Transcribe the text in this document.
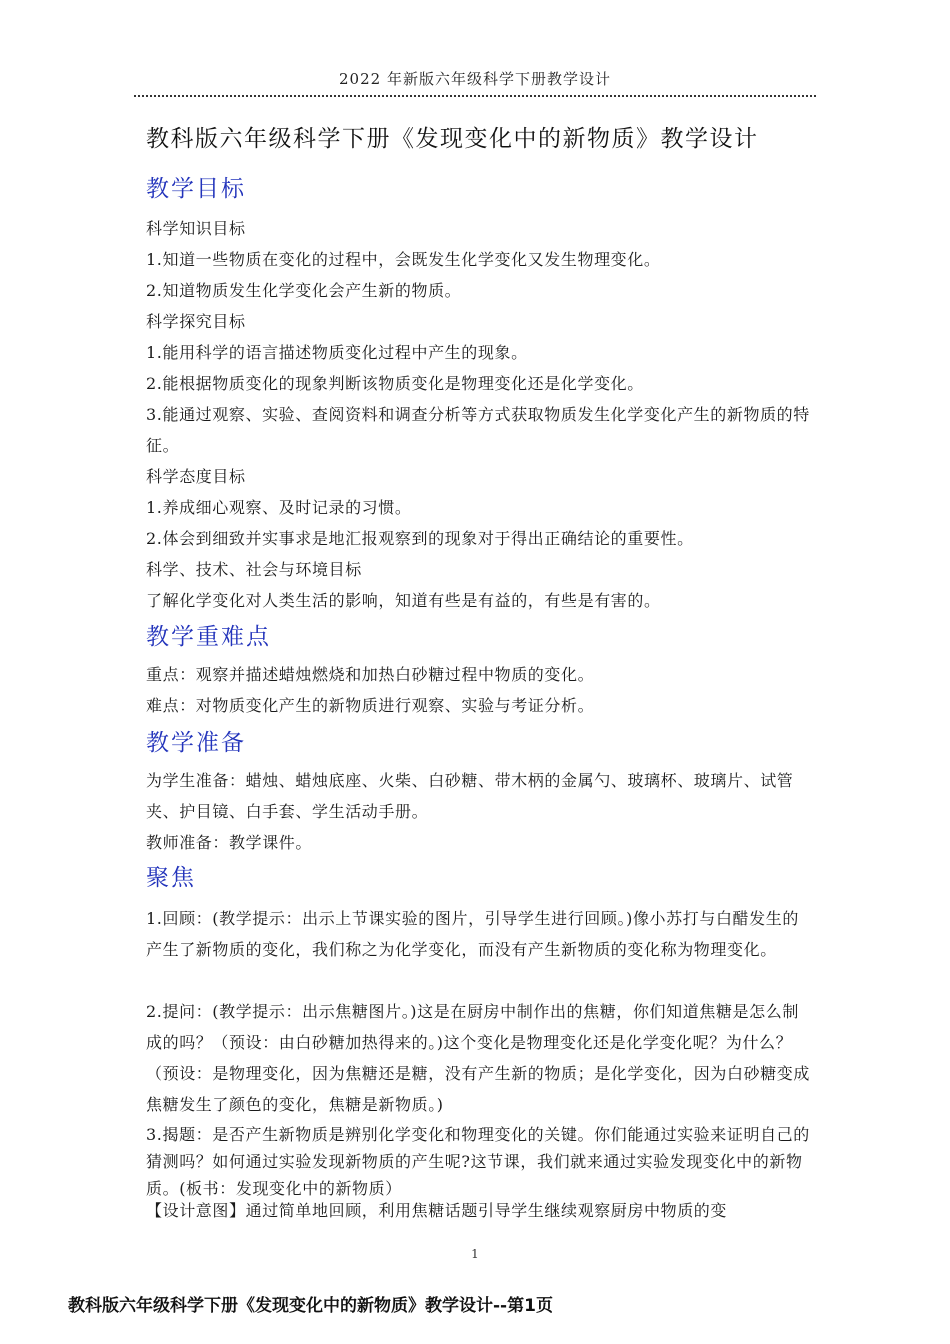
2022 年新版六年级科学下册教学设计
教科版六年级科学下册《发现变化中的新物质》教学设计
教学目标

科学知识目标

1.知道一些物质在变化的过程中，会既发生化学变化又发生物理变化。

2.知道物质发生化学变化会产生新的物质。

科学探究目标

1.能用科学的语言描述物质变化过程中产生的现象。

2.能根据物质变化的现象判断该物质变化是物理变化还是化学变化。

3.能通过观察、实验、查阅资料和调查分析等方式获取物质发生化学变化产生的新物质的特征。

科学态度目标

1.养成细心观察、及时记录的习惯。

2.体会到细致并实事求是地汇报观察到的现象对于得出正确结论的重要性。

科学、技术、社会与环境目标

了解化学变化对人类生活的影响，知道有些是有益的，有些是有害的。

教学重难点

重点：观察并描述蜡烛燃烧和加热白砂糖过程中物质的变化。

难点：对物质变化产生的新物质进行观察、实验与考证分析。

教学准备

为学生准备：蜡烛、蜡烛底座、火柴、白砂糖、带木柄的金属勺、玻璃杯、玻璃片、试管夹、护目镜、白手套、学生活动手册。

教师准备：教学课件。

聚焦

1.回顾：(教学提示：出示上节课实验的图片，引导学生进行回顾。)像小苏打与白醋发生的产生了新物质的变化，我们称之为化学变化，而没有产生新物质的变化称为物理变化。

2.提问：(教学提示：出示焦糖图片。)这是在厨房中制作出的焦糖，你们知道焦糖是怎么制成的吗？（预设：由白砂糖加热得来的。)这个变化是物理变化还是化学变化呢？为什么？（预设：是物理变化，因为焦糖还是糖，没有产生新的物质；是化学变化，因为白砂糖变成焦糖发生了颜色的变化，焦糖是新物质。)

3.揭题：是否产生新物质是辨别化学变化和物理变化的关键。你们能通过实验来证明自己的猜测吗？如何通过实验发现新物质的产生呢?这节课，我们就来通过实验发现变化中的新物质。(板书：发现变化中的新物质）

【设计意图】通过简单地回顾，利用焦糖话题引导学生继续观察厨房中物质的变

1
教科版六年级科学下册《发现变化中的新物质》教学设计--第1页
